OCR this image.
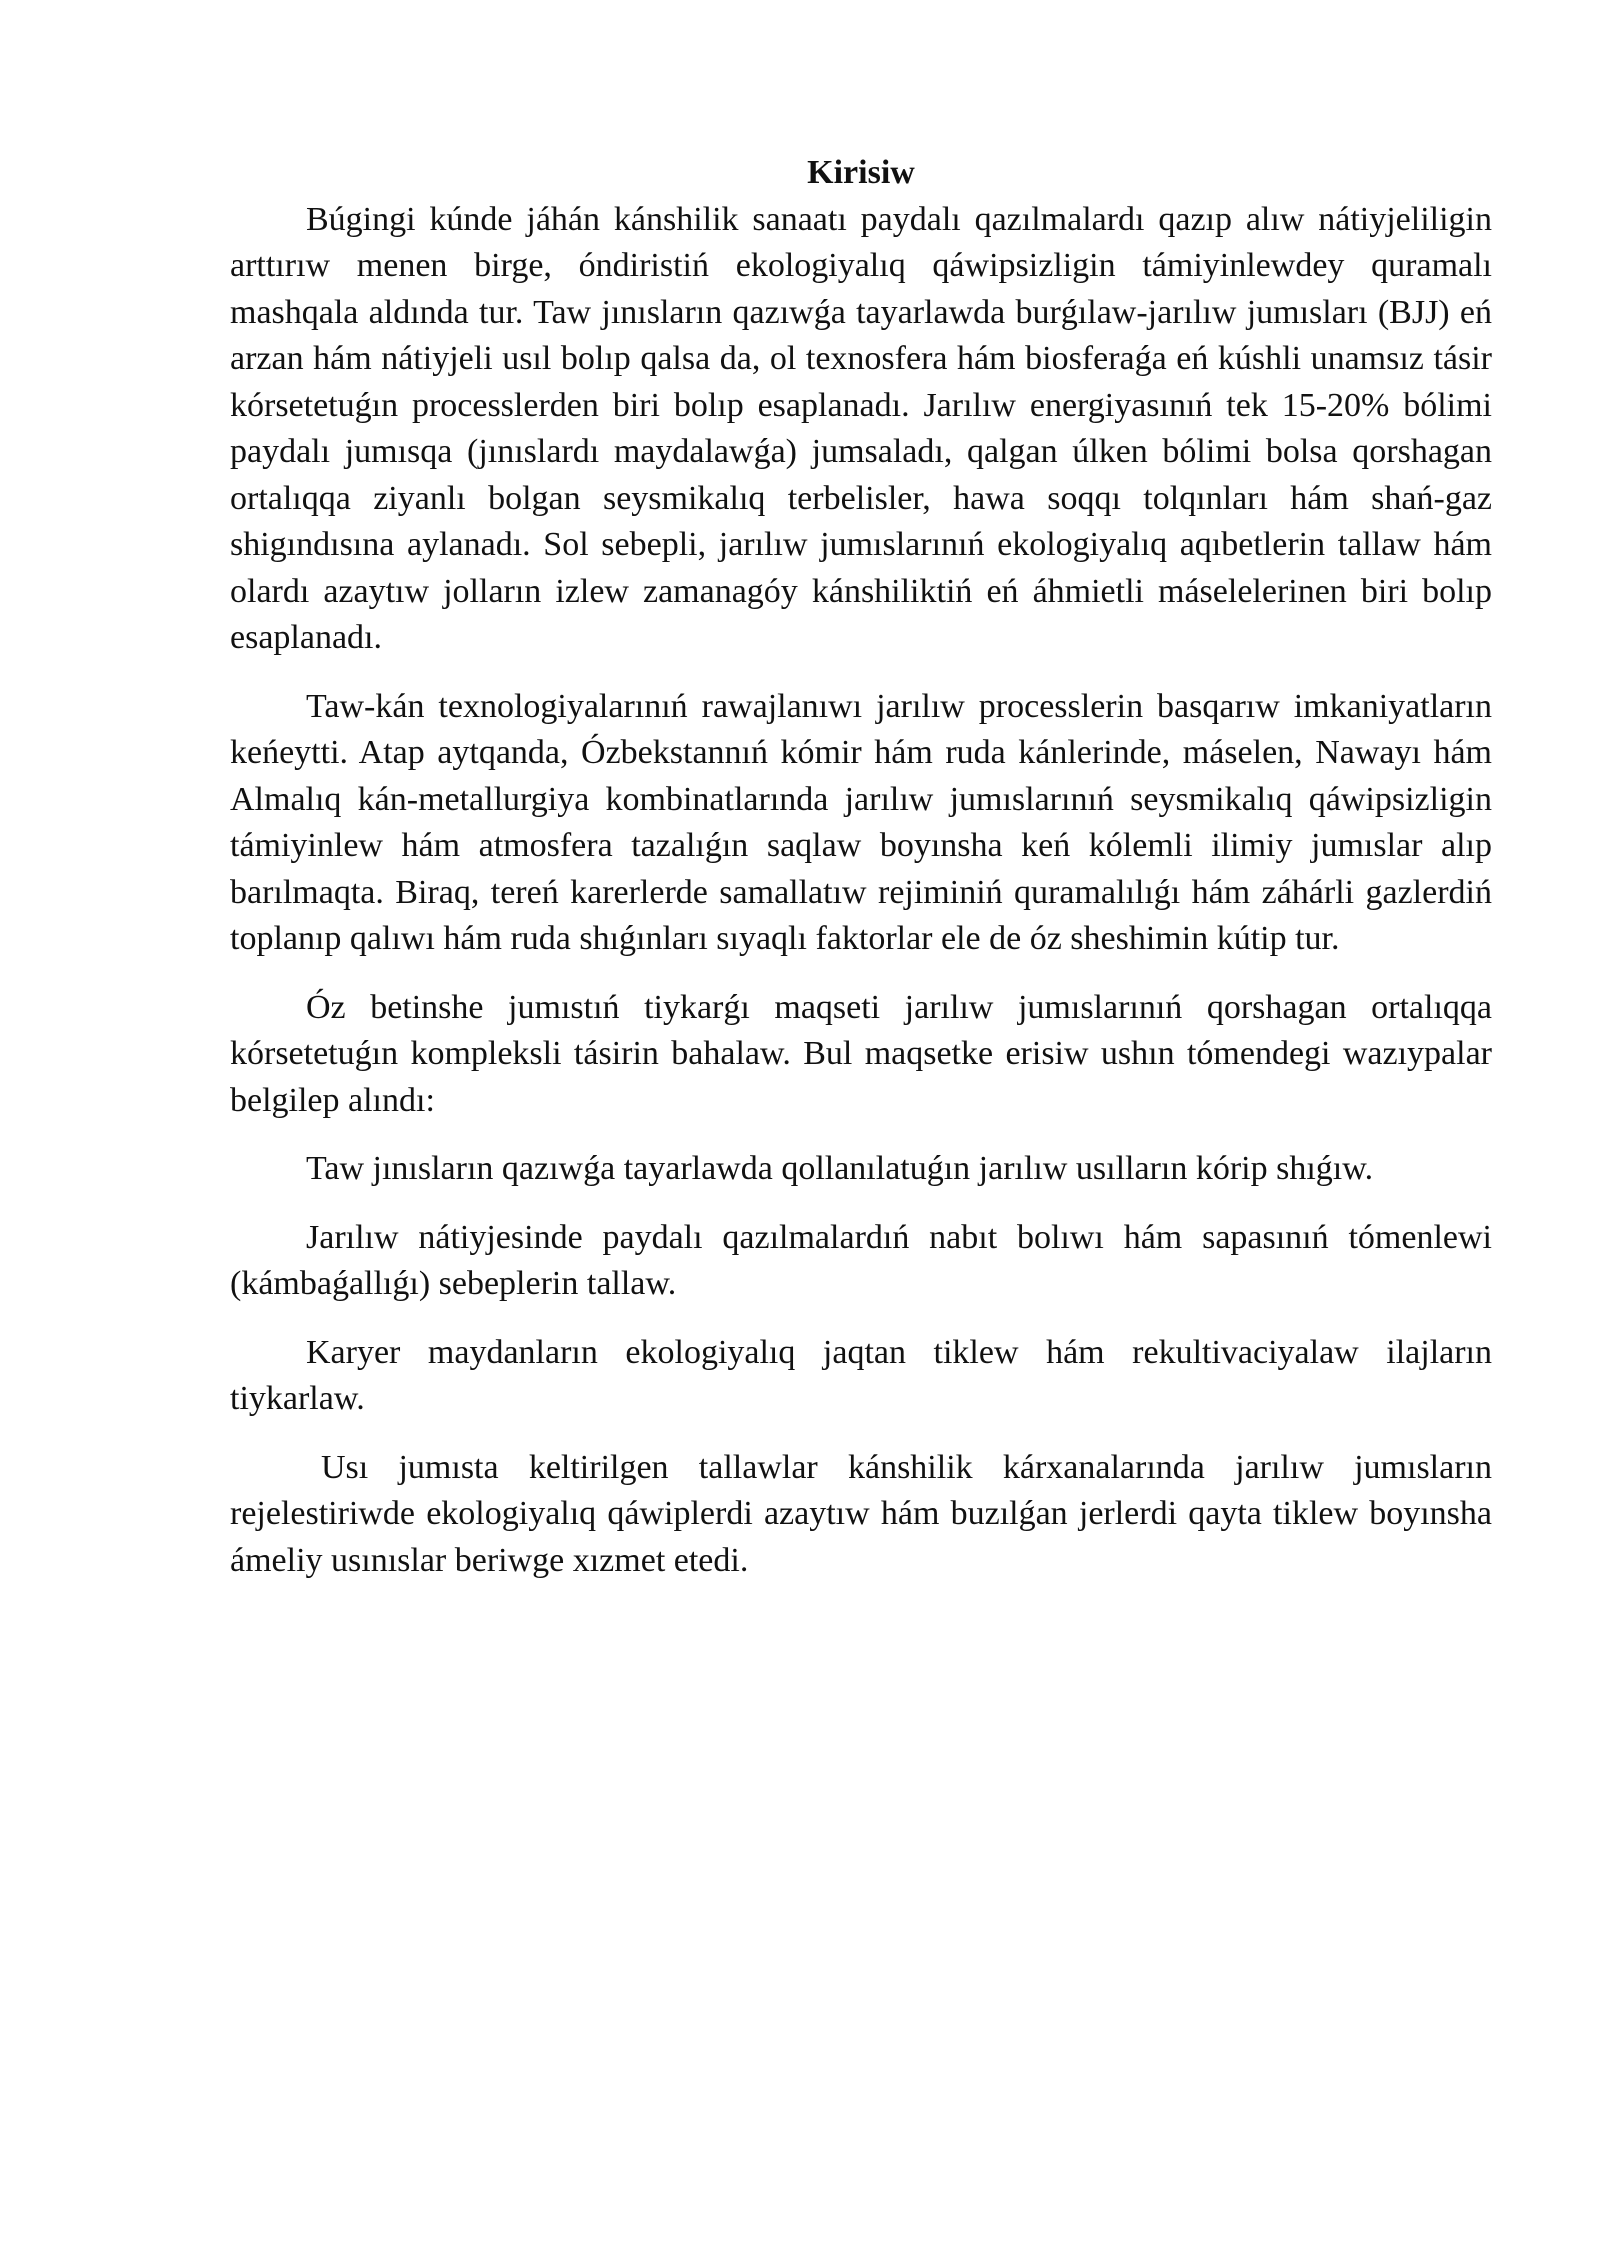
Kirisiw

Búgingi kúnde jáhán kánshilik sanaatı paydalı qazılmalardı qazıp alıw nátiyjeliligin arttırıw menen birge, óndiristiń ekologiyalıq qáwipsizligin támiyinlewdey quramalı mashqala aldında tur. Taw jınısların qazıwǵa tayarlawda burǵılaw-jarılıw jumısları (BJJ) eń arzan hám nátiyjeli usıl bolıp qalsa da, ol texnosfera hám biosferaǵa eń kúshli unamsız tásir kórsetetuǵın processlerden biri bolıp esaplanadı. Jarılıw energiyasınıń tek 15-20% bólimi paydalı jumısqa (jınıslardı maydalawǵa) jumsaladı, qalgan úlken bólimi bolsa qorshagan ortalıqqa ziyanlı bolgan seysmikalıq terbelisler, hawa soqqı tolqınları hám shań-gaz shigındısına aylanadı. Sol sebepli, jarılıw jumıslarınıń ekologiyalıq aqıbetlerin tallaw hám olardı azaytıw jolların izlew zamanagóy kánshiliktiń eń áhmietli máselelerinen biri bolıp esaplanadı.

Taw-kán texnologiyalarınıń rawajlanıwı jarılıw processlerin basqarıw imkaniyatların keńeytti. Atap aytqanda, Ózbekstannıń kómir hám ruda kánlerinde, máselen, Nawayı hám Almalıq kán-metallurgiya kombinatlarında jarılıw jumıslarınıń seysmikalıq qáwipsizligin támiyinlew hám atmosfera tazalıǵın saqlaw boyınsha keń kólemli ilimiy jumıslar alıp barılmaqta. Biraq, tereń karerlerde samallatıw rejiminiń quramalılıǵı hám záhárli gazlerdiń toplanıp qalıwı hám ruda shıǵınları sıyaqlı faktorlar ele de óz sheshimin kútip tur.

Óz betinshe jumıstıń tiykarǵı maqseti jarılıw jumıslarınıń qorshagan ortalıqqa kórsetetuǵın kompleksli tásirin bahalaw. Bul maqsetke erisiw ushın tómendegi wazıypalar belgilep alındı:

Taw jınısların qazıwǵa tayarlawda qollanılatuǵın jarılıw usılların kórip shıǵıw.

Jarılıw nátiyjesinde paydalı qazılmalardıń nabıt bolıwı hám sapasınıń tómenlewi (kámbaǵallıǵı) sebeplerin tallaw.

Karyer maydanların ekologiyalıq jaqtan tiklew hám rekultivaciyalaw ilajların tiykarlaw.

Usı jumısta keltirilgen tallawlar kánshilik kárxanalarında jarılıw jumısların rejelestiriwde ekologiyalıq qáwiplerdi azaytıw hám buzılǵan jerlerdi qayta tiklew boyınsha ámeliy usınıslar beriwge xızmet etedi.
